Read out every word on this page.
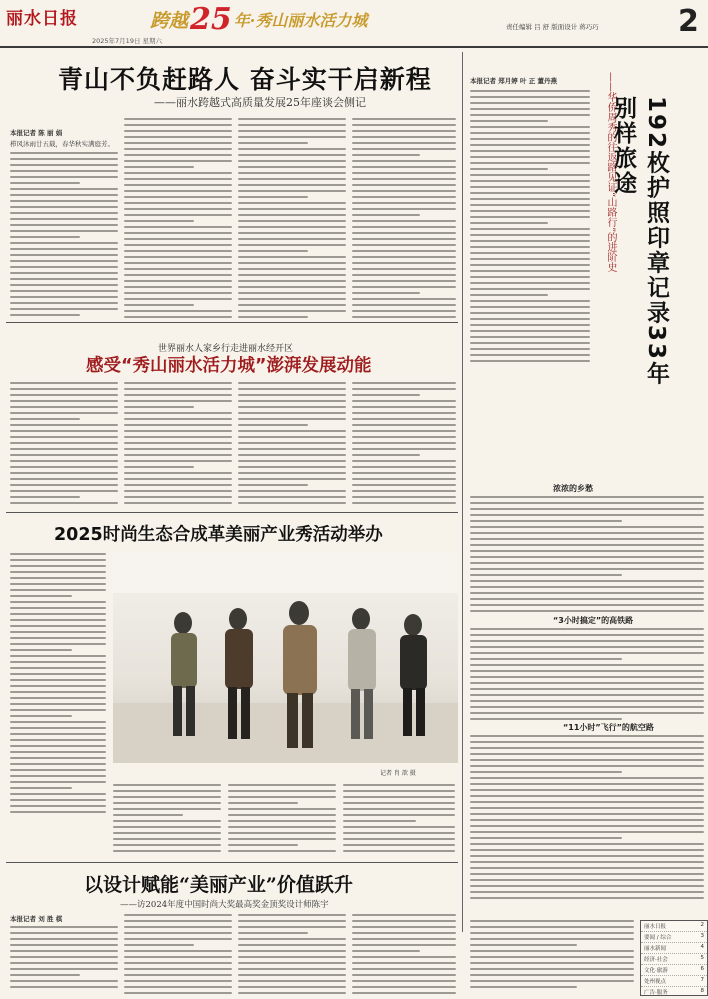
丽水日报	跨越 25 年·秀山丽水活力城
2025年7月19日 星期六
责任编辑 吕 舒 版面设计 蒋巧巧	2
青山不负赶路人 奋斗实干启新程
——丽水跨越式高质量发展25年座谈会侧记
本报记者 陈 丽 娟
栉风沐雨廿五载，春华秋实满庭芳。
世界丽水人家乡行走进丽水经开区
感受“秀山丽水活力城”澎湃发展动能
2025时尚生态合成革美丽产业秀活动举办
记者 肖 歆 摄
以设计赋能“美丽产业”价值跃升
——访2024年度中国时尚大奖最高奖金顶奖设计师陈宇
本报记者 刘 胜 棋
本报记者 郑月婷 叶 正 董丹燕	——华侨周秀的往返路见证“山路行”的进阶史	192枚护照印章记录33年别样旅途
浓浓的乡愁
“3小时搞定”的高铁路
“11小时”飞行”的航空路
丽水日报	2
要闻 / 综合	3
丽水新闻	4
经济·社会	5
文化·旅游	6
处州视点	7
广告·服务	8
